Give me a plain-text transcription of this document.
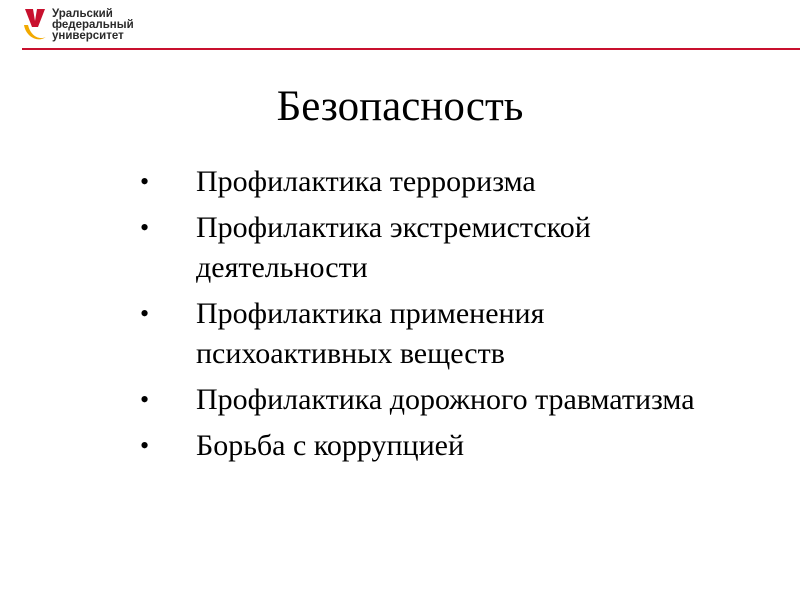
Уральский
федеральный
университет
Безопасность
•	Профилактика терроризма
•	Профилактика экстремистской деятельности
•	Профилактика применения психоактивных веществ
•	Профилактика дорожного травматизма
•	Борьба с коррупцией
